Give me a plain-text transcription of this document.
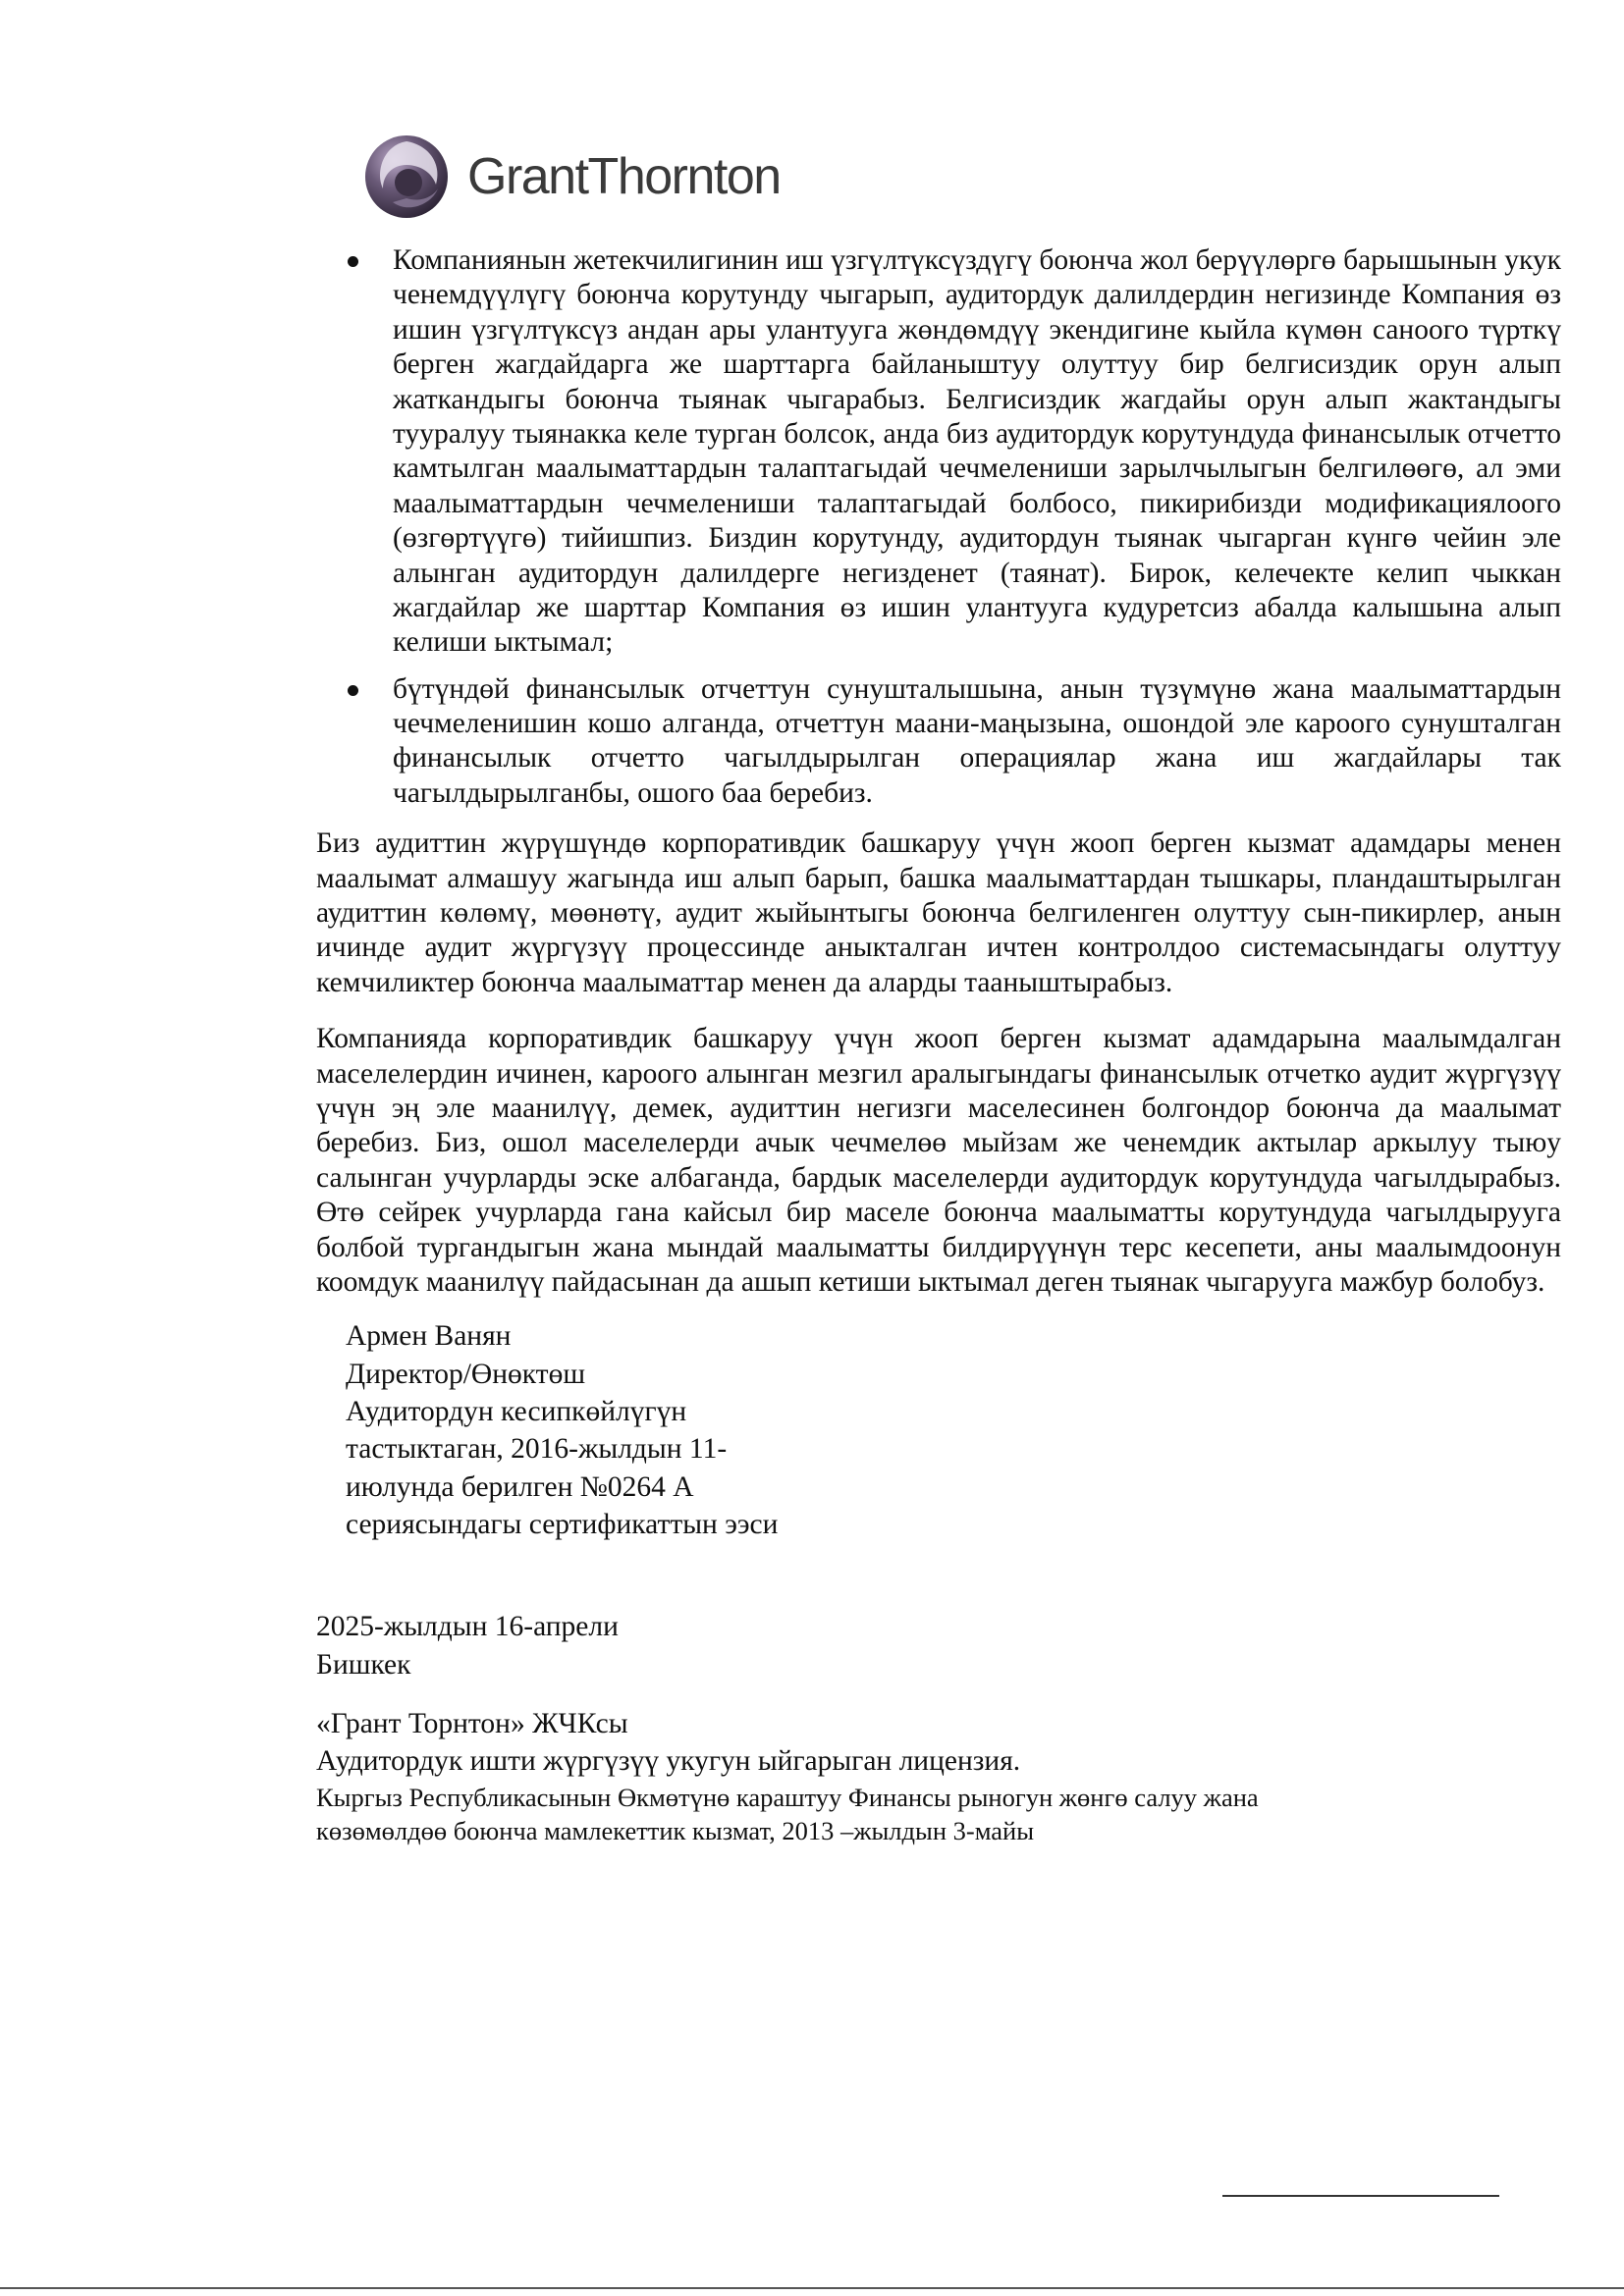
GrantThornton
Компаниянын жетекчилигинин иш үзгүлтүксүздүгү боюнча жол берүүлөргө барышынын укук ченемдүүлүгү боюнча корутунду чыгарып, аудитордук далилдердин негизинде Компания өз ишин үзгүлтүксүз андан ары улантууга жөндөмдүү экендигине кыйла күмөн саноого түрткү берген жагдайдарга же шарттарга байланыштуу олуттуу бир белгисиздик орун алып жаткандыгы боюнча тыянак чыгарабыз. Белгисиздик жагдайы орун алып жактандыгы тууралуу тыянакка келе турган болсок, анда биз аудитордук корутундуда финансылык отчетто камтылган маалыматтардын талаптагыдай чечмелениши зарылчылыгын белгилөөгө, ал эми маалыматтардын чечмелениши талаптагыдай болбосо, пикирибизди модификациялоого (өзгөртүүгө) тийишпиз. Биздин корутунду, аудитордун тыянак чыгарган күнгө чейин эле алынган аудитордун далилдерге негизденет (таянат). Бирок, келечекте келип чыккан жагдайлар же шарттар Компания өз ишин улантууга кудуретсиз абалда калышына алып келиши ыктымал;
бүтүндөй финансылык отчеттун сунушталышына, анын түзүмүнө жана маалыматтардын чечмеленишин кошо алганда, отчеттун маани-маңызына, ошондой эле кароого сунушталган финансылык отчетто чагылдырылган операциялар жана иш жагдайлары так чагылдырылганбы, ошого баа беребиз.

Биз аудиттин жүрүшүндө корпоративдик башкаруу үчүн жооп берген кызмат адамдары менен маалымат алмашуу жагында иш алып барып, башка маалыматтардан тышкары, пландаштырылган аудиттин көлөмү, мөөнөтү, аудит жыйынтыгы боюнча белгиленген олуттуу сын-пикирлер, анын ичинде аудит жүргүзүү процессинде аныкталган ичтен контролдоо системасындагы олуттуу кемчиликтер боюнча маалыматтар менен да аларды тааныштырабыз.

Компанияда корпоративдик башкаруу үчүн жооп берген кызмат адамдарына маалымдалган маселелердин ичинен, кароого алынган мезгил аралыгындагы финансылык отчетко аудит жүргүзүү үчүн эң эле маанилүү, демек, аудиттин негизги маселесинен болгондор боюнча да маалымат беребиз. Биз, ошол маселелерди ачык чечмелөө мыйзам же ченемдик актылар аркылуу тыюу салынган учурларды эске албаганда, бардык маселелерди аудитордук корутундуда чагылдырабыз. Өтө сейрек учурларда гана кайсыл бир маселе боюнча маалыматты корутундуда чагылдырууга болбой тургандыгын жана мындай маалыматты билдирүүнүн терс кесепети, аны маалымдоонун коомдук маанилүү пайдасынан да ашып кетиши ыктымал деген тыянак чыгарууга мажбур болобуз.

Армен Ванян
Директор/Өнөктөш
Аудитордун кесипкөйлүгүн
тастыктаган, 2016-жылдын 11-
июлунда берилген №0264 А
сериясындагы сертификаттын ээси
2025-жылдын 16-апрели
Бишкек
«Грант Торнтон» ЖЧКсы
Аудитордук ишти жүргүзүү укугун ыйгарыган лицензия.
Кыргыз Республикасынын Өкмөтүнө караштуу Финансы рыногун жөнгө салуу жана
көзөмөлдөө боюнча мамлекеттик кызмат, 2013 –жылдын 3-майы
